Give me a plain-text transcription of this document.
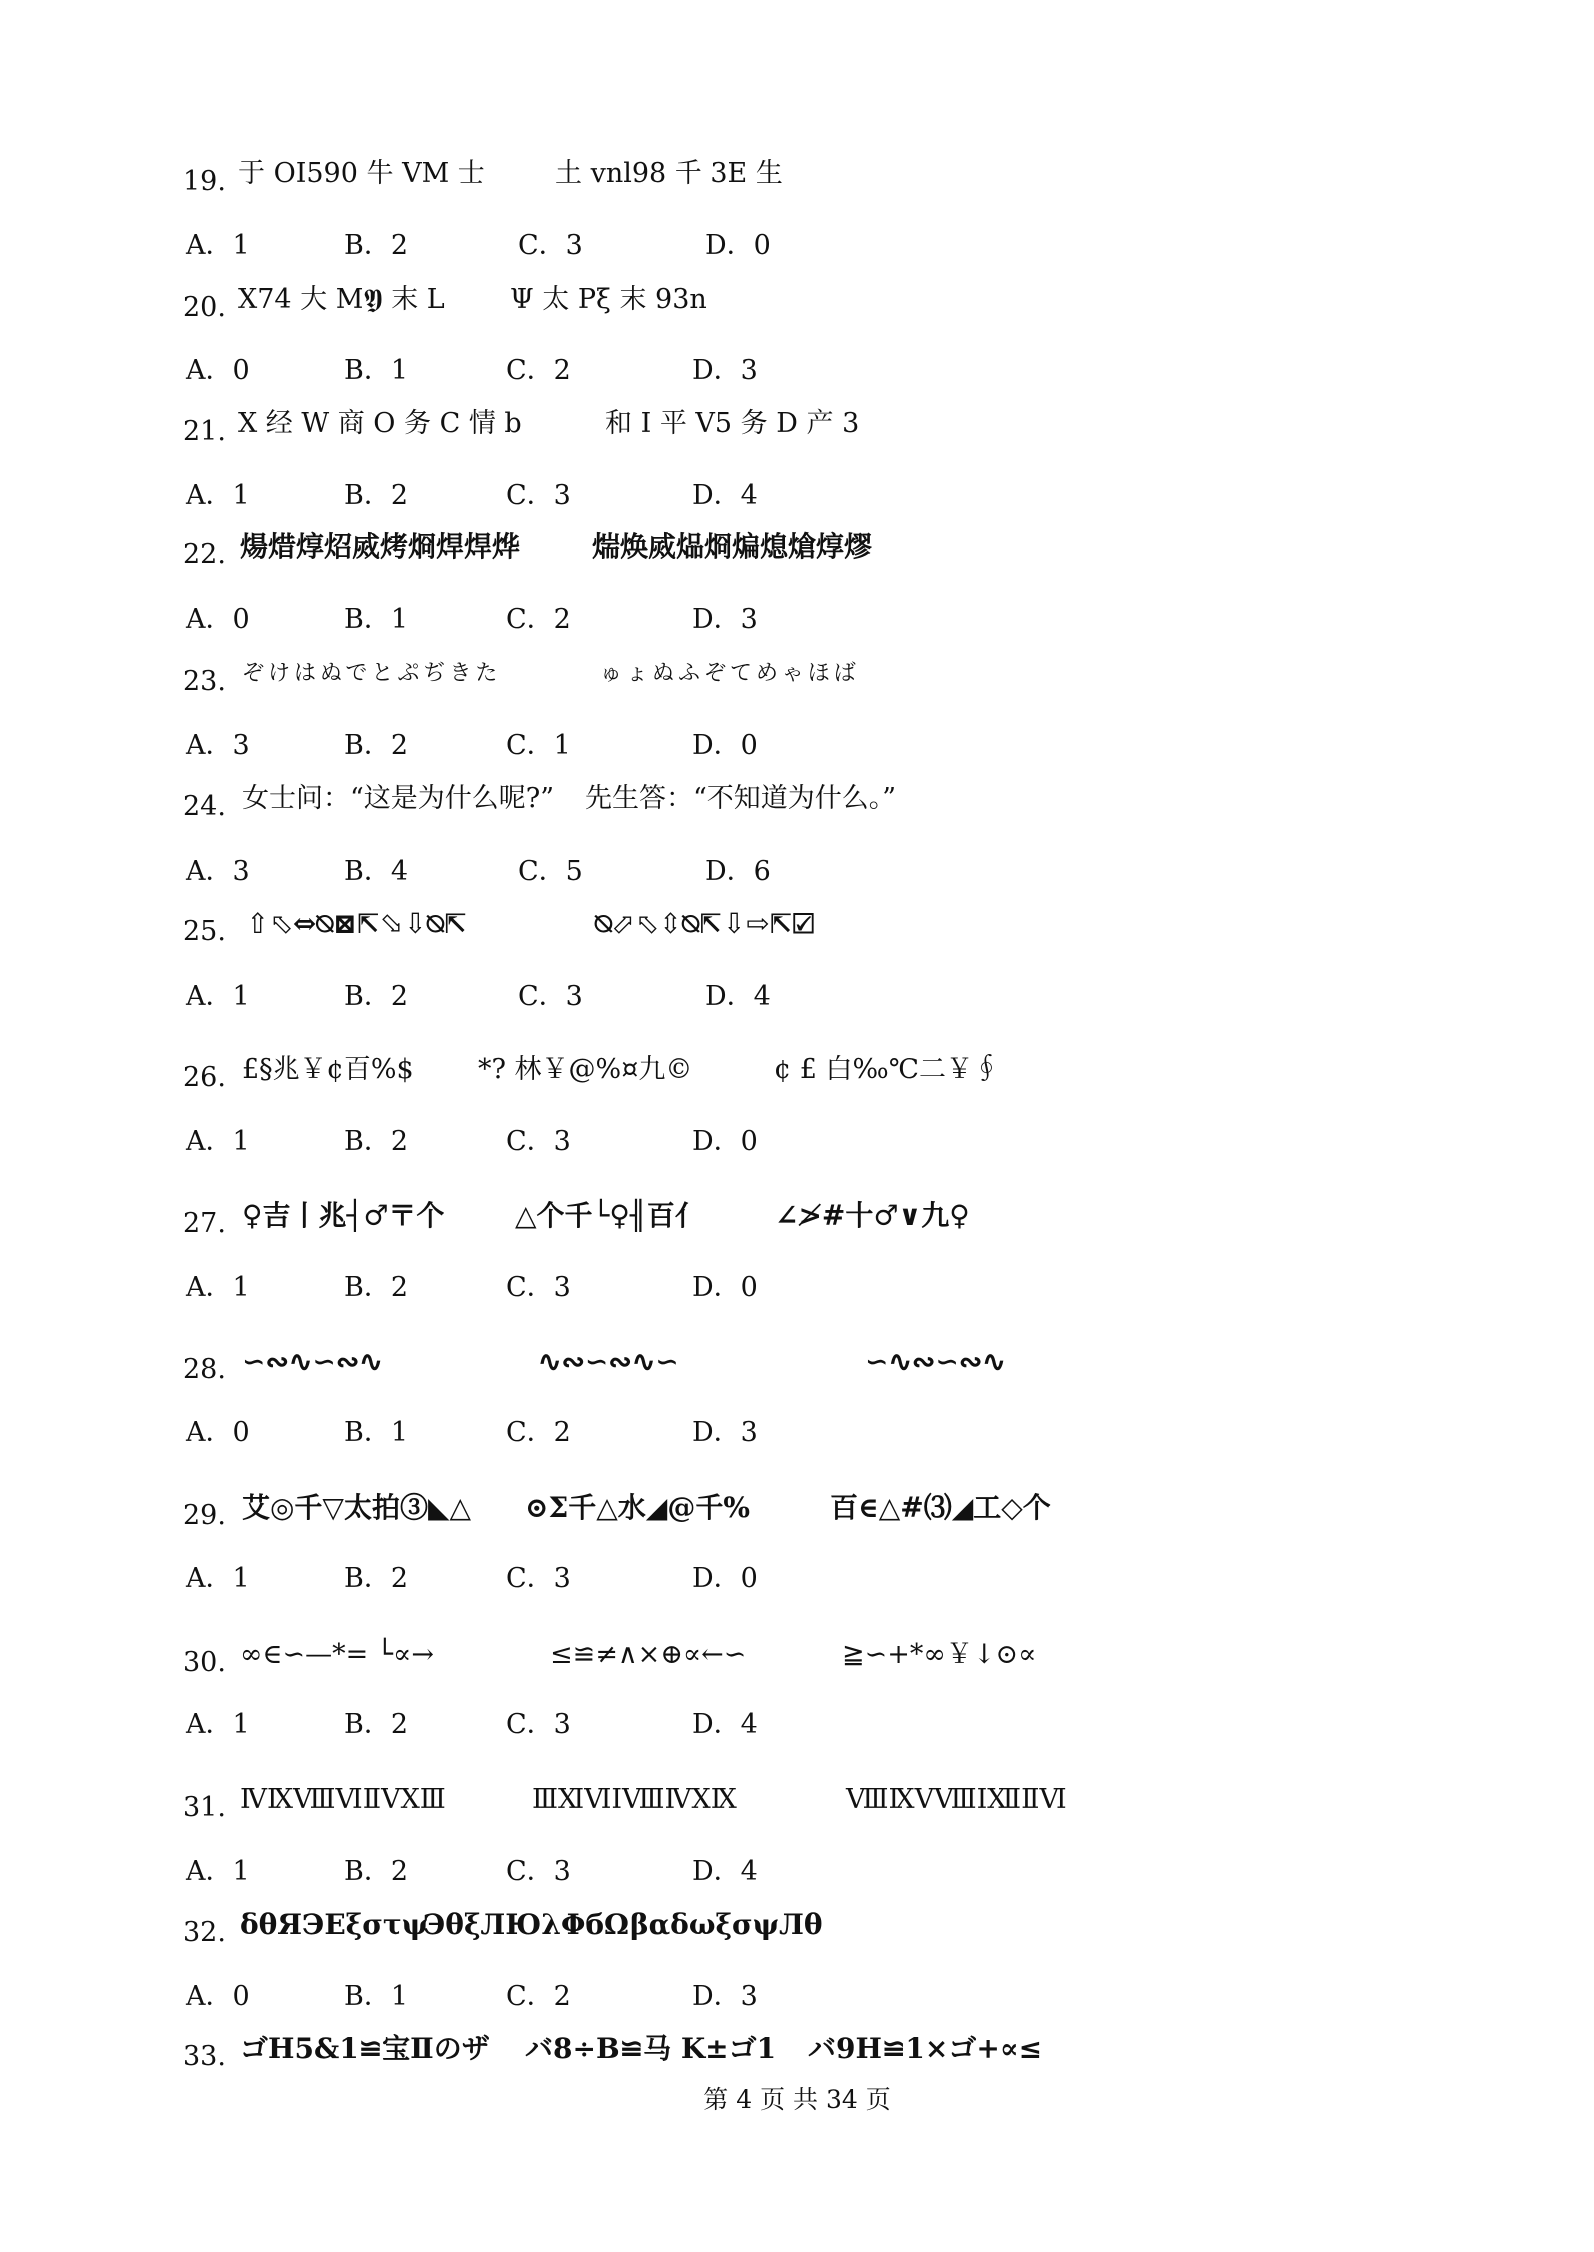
19. 于 OI590 牛 VM 士	土 vnl98 千 3E 生
A．1	B．2	C．3	D．0
20. X74 大 M𝖄 末 L Ψ 太 Pξ 末 93n
A．0	B．1	C．2	D．3
21. X 经 W 商 O 务 C 情 b	和 I 平 V5 务 D 产 3
A．1	B．2	C．3	D．4
22. 煬焟焞炤烕烤烱焊焊烨	煓焕烕煰烱煸熄熗焞熮
A．0	B．1	C．2	D．3
23. ぞけはぬでとぷぢきた	ゅょぬふぞてめゃほば
A．3	B．2	C．1	D．0
24. 女士问：“这是为什么呢?” 先生答：“不知道为什么。”
A．3	B．4	C．5	D．6
25. ⇧⬁⇔⍉⊠⇱⬂⇩⍉⇱	⍉⬀⬁⇳⍉⇱⇩⇨⇱☑
A．1	B．2	C．3	D．4
26. £§兆￥¢百%$ *? 林￥@%¤九©	¢ £ 白‰℃二￥∮
A．1	B．2	C．3	D．0
27. ♀吉丨兆┤♂〒个	△个千└♀╢百亻	∠≯#十♂∨九♀
A．1	B．2	C．3	D．0
28. ∽∾∿∽∾∿	∿∾∽∾∿∽	∽∿∾∽∾∿
A．0	B．1	C．2	D．3
29. 艾◎千▽太拍③◣△ ⊙Σ千△水◢@千%	百∈△#⑶◢工◇个
A．1	B．2	C．3	D．0
30. ∞∈∽—*= └∝→	≤≌≠∧×⊕∝←∽	≧∽+*∞￥↓⊙∝
A．1	B．2	C．3	D．4
31. ⅣⅨⅧⅥⅡⅤⅩⅢ	ⅢⅪⅥⅠⅧⅣⅩⅨ	ⅧⅨⅤⅧⅠⅫⅡⅥ
A．1	B．2	C．3	D．4
32. δθЯЭΕξστψ
ЭθξЛЮλΦбΩ βαδωξσψЛθ
A．0	B．1	C．2	D．3
33. ゴH5&1≌宝Ⅱのザ バ8÷B≌马 K±ゴ1 バ9H≌1×ゴ+∝≤
第 4 页 共 34 页
